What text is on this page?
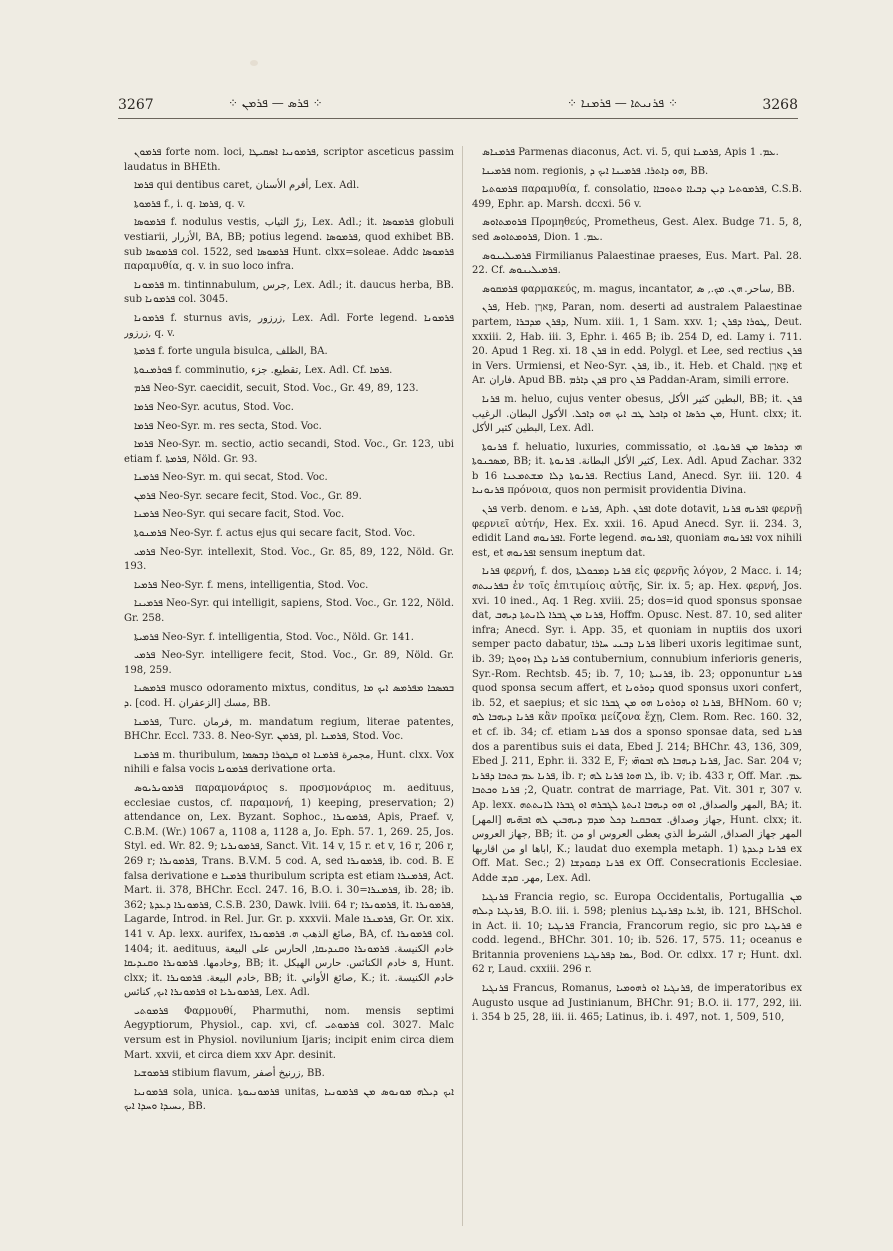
3267	⁘ ܦܪܣ — ܦܪܡܢ ⁘	⁘ ܦܪܢܝܬܐ — ܦܪܡܢܐ ⁘	3268

ܦܪܡܘܢ forte nom. loci, ܦܪܡܘܢܝܐ ܐܣܩܝܛܐ, scriptor asceticus passim laudatus in BHEth.

ܦܪܡܐ qui dentibus caret, أفرم الأسنان, Lex. Adl.

ܦܪܡܘܬܐ f., i. q. ܦܪܡܐ, q. v.

ܦܪܡܘܣܐ f. nodulus vestis, زرّ الثياب, Lex. Adl.; it. ܦܪܡܘܣܐ globuli vestiarii, الأزرار, BA, BB; potius legend. ܦܪܡܘܣܐ, quod exhibet BB. sub ܦܪܡܘܣܐ col. 1522, sed ܦܪܡܘܣܐ Hunt. clxx=soleae. Addc ܦܪܡܘܣܐ παραμυθία, q. v. in suo loco infra.

ܦܪܡܘܢܐ m. tintinnabulum, جرس, Lex. Adl.; it. daucus herba, BB. sub ܦܪܡܘܢܐ col. 3045.

ܦܪܡܘܢܐ f. sturnus avis, زرزور, Lex. Adl. Forte legend. ܦܪܡܘܢܐ زرزور, q. v.

ܦܪܡܬܐ f. forte ungula bisulca, الظلف, BA.

ܦܘܪܡܢܘܬܐ f. comminutio, تقطيع. جزء, Lex. Adl. Cf. ܦܪܡܐ.

ܦܪܡ Neo-Syr. caecidit, secuit, Stod. Voc., Gr. 49, 89, 123.

ܦܪܡܐ Neo-Syr. acutus, Stod. Voc.

ܦܪܡܐ Neo-Syr. m. res secta, Stod. Voc.

ܦܪܡܐ Neo-Syr. m. sectio, actio secandi, Stod. Voc., Gr. 123, ubi etiam f. ܦܪܡܬܐ, Nöld. Gr. 93.

ܦܪܡܢܐ Neo-Syr. m. qui secat, Stod. Voc.

ܦܪܡܢ Neo-Syr. secare fecit, Stod. Voc., Gr. 89.

ܦܪܡܢܐ Neo-Syr. qui secare facit, Stod. Voc.

ܦܪܡܢܘܬܐ Neo-Syr. f. actus ejus qui secare facit, Stod. Voc.

ܦܪܡܝ Neo-Syr. intellexit, Stod. Voc., Gr. 85, 89, 122, Nöld. Gr. 193.

ܦܪܡܝܐ Neo-Syr. f. mens, intelligentia, Stod. Voc.

ܦܪܡܝܢܐ Neo-Syr. qui intelligit, sapiens, Stod. Voc., Gr. 122, Nöld. Gr. 258.

ܦܪܡܝܬܐ Neo-Syr. f. intelligentia, Stod. Voc., Nöld. Gr. 141.

ܦܪܡܝ Neo-Syr. intelligere fecit, Stod. Voc., Gr. 89, Nöld. Gr. 198, 259.

ܦܪܡܣܢܐ musco odoramento mixtus, conditus, ܒܡܣܟܐ ܡܦܪܡܣ ܐܝܟ ܡܐ ܕ. [cod. H. الزعفران] مسك, BB.

ܦܪܡܢܐ, Turc. فرمان, m. mandatum regium, literae patentes, BHChr. Eccl. 733. 8. Neo-Syr. ܦܪܡܢ, pl. ܦܪܡܢܐ, Stod. Voc.

ܦܪܡܢܐ m. thuribulum, مجمرة ܦܪܡܢܐ ܐܘ ܩܛܘܪܐ ܕܒܣܡܐ, Hunt. clxx. Vox nihili e falsa vocis ܦܪܡܘܢܐ derivatione orta.

ܦܪܡܘܢܪܝܘܣ παραμονάριος s. προσμονάριος m. aedituus, ecclesiae custos, cf. παραμονή, 1) keeping, preservation; 2) attendance on, Lex. Byzant. Sophoc., ܦܪܡܘܢܪܐ, Apis, Praef. v, C.B.M. (Wr.) 1067 a, 1108 a, 1128 a, Jo. Eph. 57. 1, 269. 25, Jos. Styl. ed. Wr. 82. 9; ܦܪܡܘܢܪܝܐ, Sanct. Vit. 14 v, 15 r. et v, 16 r, 206 r, 269 r; ܦܪܡܘܢܪܐ, Trans. B.V.M. 5 cod. A, sed ܦܪܡܘܢܪܐ, ib. cod. B. E falsa derivatione e ܦܪܡܢܐ thuribulum scripta est etiam ܦܪܡܢܪܐ, Act. Mart. ii. 378, BHChr. Eccl. 247. 16, B.O. i. 30=ܦܪܡܢܪܐ, ib. 28; ib. 362; ܦܪܡܘܢܪܐ ܕܥܕܬܐ, C.S.B. 230, Dawk. lviii. 64 r; ܦܪܡܘܢܪܐ, it. ܦܪܡܘܢܪܐ, Lagarde, Introd. in Rel. Jur. Gr. p. xxxvii. Male ܦܪܡܢܪܐ, Gr. Or. xix. 141 v. Ap. lexx. aurifex, صائغ الذهب ܗ. ܦܪܡܘܢܪܐ, BA, cf. ܦܪܡܘܢܪܐ col. 1404; it. aedituus, خادم الكنيسة. ܦܪܡܘܢܪܐ ܘܩܢܕܝܩܐ, الحارس على البيعة وخادمها. ܦܪܡܘܢܪܐ ܘܩܢܕܝܩܐ, BB; it. ܦ خادم الكنائس. حارس الهيكل, Hunt. clxx; it. خادم البيعة. ܦܪܡܘܢܪܐ, BB; it. صائغ الأواني, K.; it. خادم الكنيسة. ܦܪܡܘܢܪܝܐ ܐܘ ܦܪܡܘܢܪܐ ܐܝܟ, كنائس, Lex. Adl.

ܦܪܡܘܬܝ Φαρμουθί, Pharmuthi, nom. mensis septimi Aegyptiorum, Physiol., cap. xvi, cf. ܦܪܡܘܬܝ col. 3027. Malc versum est in Physiol. novilunium Ijaris; incipit enim circa diem Mart. xxvii, et circa diem xxv Apr. desinit.

ܦܪܡܘܫܝܐ stibium flavum, زرنيخ أصفر, BB.

ܦܪܡܘܢܝܐ sola, unica. ܦܪܡܘܢܝܘܬܐ unitas, ܐܝܟ ܕܝܠܗ ܡܘܢܘܣ ܡܢ ܦܪܡܘܢܝܐ ܝܚܝܕܐ ܘܚܕܐ ܐܝܟ, BB.

ܦܪܡܢܐܣ Parmenas diaconus, Act. vi. 5, qui ܦܪܡܢܐ, Apis ܥܡ. 1.

ܦܪܡܝܢܐ nom. regionis, ܗܘ ܕܐܬܪܐ. ܦܪܡܝܢܐ ܐܝܟ ܕ, BB.

ܦܪܡܘܬܝܐ παραμυθία, f. consolatio, ܦܪܡܘܬܝܐ ܕܝܢ ܕܒܝܐܐ ܘܬܘܒܐܐ, C.S.B. 499, Ephr. ap. Marsh. dccxi. 56 v.

ܦܪܘܡܬܐܘܣ Προμηθεύς, Prometheus, Gest. Alex. Budge 71. 5, 8, sed ܦܪܘܡܬܐܘܣ, Dion. ܥܡ. 1.

ܦܪܡܝܠܝܢܘܣ Firmilianus Palaestinae praeses, Eus. Mart. Pal. 28. 22. Cf. ܦܪܡܝܠܝܢܘܣ.

ܦܪܡܩܘܣ φαρμακεύς, m. magus, incantator, ساحر. ܗܢ. ܡܟ., ܣ, BB.

ܦܪܢ, Heb. פָּארָן, Paran, nom. deserti ad australem Palaestinae partem, ܕܦܪܢ ܡܕܒܪܐ, Num. xiii. 1, 1 Sam. xxv. 1; ܛܘܪܐ ܕܦܪܢ, Deut. xxxiii. 2, Hab. iii. 3, Ephr. i. 465 B; ib. 254 D, ed. Lamy i. 711. 20. Apud 1 Reg. xi. 18 ܦܪܢ in edd. Polygl. et Lee, sed rectius ܦܪܢ in Vers. Urmiensi, et Neo-Syr. ܦܪܢ, ib., it. Heb. et Chald. פָּארָן et Ar. فاران. Apud BB. ܦܕܢ ܕܐܪܡ pro ܦܪܢ Paddan-Aram, simili errore.

ܦܪܢܐ m. heluo, cujus venter obesus, البطين كثير الأكل, BB; it. ܦܪܢ ܡܢ ܟܪܣܐ ܐܘ ܕܐܟܠ ܛܒ ܐܝܟ ܗܘ ܕܐܟܠ. الأكول البطان. الرغيب, Hunt. clxx; it. البطين كثير الأكل, Lex. Adl.

ܦܪܢܘܬܐ f. heluatio, luxuries, commissatio, ܗܝ ܕܟܪܣܐ ܡܢ ܦܪܢܘܬܐ. ܐܘ ܡܣܟܢܘܬܐ, BB; it. كثير الأكل البطانة. ܦܪܢܘܬܐ, Lex. Adl. Apud Zachar. 332 b 16 ܦܪܢܘܬܐ ܕܠܐ ܡܫܬܡܥܢܐ. Rectius Land, Anecd. Syr. iii. 120. 4 ܦܪܢܘܢܝܐ πρόνοια, quos non permisit providentia Divina.

ܦܪܢ verb. denom. e ܦܪܢܐ, Aph. ܐܦܪܢ dote dotavit, ܐܦܪܢܗ ܦܪܢܐ φερνῇ φερνιεῖ αὐτήν, Hex. Ex. xxii. 16. Apud Anecd. Syr. ii. 234. 3, edidit Land ܐܦܪܢܘܗ. Forte legend. ܐܦܪܢܘܗ, quoniam ܐܦܪܢܘܗ vox nihili est, et ܐܦܪܢܘܗ sensum ineptum dat.

ܦܪܢܐ φερνή, f. dos, ܦܪܢܐ ܕܡܟܘܠܬܐ εἰς φερνῆς λόγον, 2 Macc. i. 14; ܒܦܪܢܝܬܗ ἐν τοῖς ἐπιτιμίοις αὐτῆς, Sir. ix. 5; ap. Hex. φερνή, Jos. xvi. 10 ined., Aq. 1 Reg. xviii. 25; dos=id quod sponsus sponsae dat, ܦܪܢܐ ܡܢ ܓܒܪܐ ܠܐܢܬܬܐ ܕܝܗܒ, Hoffm. Opusc. Nest. 87. 10, sed aliter infra; Anecd. Syr. i. App. 35, et quoniam in nuptiis dos uxori semper pacto dabatur, ܦܪܢܐ ܕܒܢܝ ܚܐܪܐ liberi uxoris legitimae sunt, ib. 39; ܦܪܢܐ ܕܠܐ ܙܘܘܓܐ contubernium, connubium inferioris generis, Syr.-Rom. Rechtsb. 45; ib. 7, 10; ܦܪܢܝܬܐ, ib. 23; opponuntur ܦܪܢܐ quod sponsa secum affert, et ܕܘܪܘܢܐ quod sponsus uxori confert, ib. 52, et saepius; et sic ܦܪܢܐ ܐܘ ܕܘܪܘܢܐ ܗܘ ܡܢ ܓܒܪܐ, BHNom. 60 v; ܦܪܢܐ ܕܝܗܒܐ ܠܗ κἂν προῖκα μείζονα ἔχῃ, Clem. Rom. Rec. 160. 32, et cf. ib. 34; cf. etiam ܦܪܢܐ dos a sponso sponsae data, sed ܦܪܢܐ dos a parentibus suis ei data, Ebed J. 214; BHChr. 43, 136, 309, Ebed J. 211, Ephr. ii. 332 E, F; ܦܪܢܐ ܕܝܗܒܐ ܠܗ ܐܒܘܗ̈ܝ, Jac. Sar. 204 v; ܦܪܢܐ ܥܡ ܟܬܒܐ ܕܦܪܢܐ, ib. r; ܠܐ ܗܘܐ ܦܪܢܐ ܠܗ, ib. v; ib. 433 r, Off. Mar. ܥܡ. 2; ܦܪܢܐ ܘܟܬܒܐ, Quatr. contrat de marriage, Pat. Vit. 301 r, 307 v. Ap. lexx. المهر والصداق, ܐܘ ܗܘ ܕܝܗܒܐ ܐܢܬܬܐ ܠܓܒܪܗ ܐܘ ܓܒܪܐ ܠܐܢܬܬܗ, BA; it. [المهر] جهاز وصداق. ܫܘܒܩܢܐ ܕܟܠ ܡܕܡ ܕܝܗܒܝܢ ܠܗ ܐܒܗ̈ܝܗ, Hunt. clxx; it. جهاز العروس, BB; it. المهر جهاز الصداق, الشرط الذي يعطى العروس او من اباها او من اقاربها, K.; laudat duo exempla metaph. 1) ܦܪܢܐ ܕܥܕܬܐ ex Off. Mat. Sec.; 2) ܦܪܢܐ ܕܩܘܕܫܐ ex Off. Consecrationis Ecclesiae. Adde مهر. ܩܕܫ, Lex. Adl.

ܦܪܢܓܝܐ Francia regio, sc. Europa Occidentalis, Portugallia ܡܢ ܦܪܢܓܝܐ ܕܝܠܗ, B.O. iii. i. 598; plenius ܐܪܥܐ ܕܦܪܢܓܝܐ, ib. 121, BHSchol. in Act. ii. 10; ܦܪܢܓܝܐ Francia, Francorum regio, sic pro ܦܪܢܓܝܐ e codd. legend., BHChr. 301. 10; ib. 526. 17, 575. 11; oceanus e Britannia proveniens ܝܡܐ ܕܦܪܢܓܝܐ, Bod. Or. cdlxx. 17 r; Hunt. dxl. 62 r, Laud. cxxiii. 296 r.

ܦܪܢܓܝܐ Francus, Romanus, ܦܪܢܓܝܐ ܐܘ ܪܗܘܡܝܐ, de imperatoribus ex Augusto usque ad Justinianum, BHChr. 91; B.O. ii. 177, 292, iii. i. 354 b 25, 28, iii. ii. 465; Latinus, ib. i. 497, not. 1, 509, 510,
